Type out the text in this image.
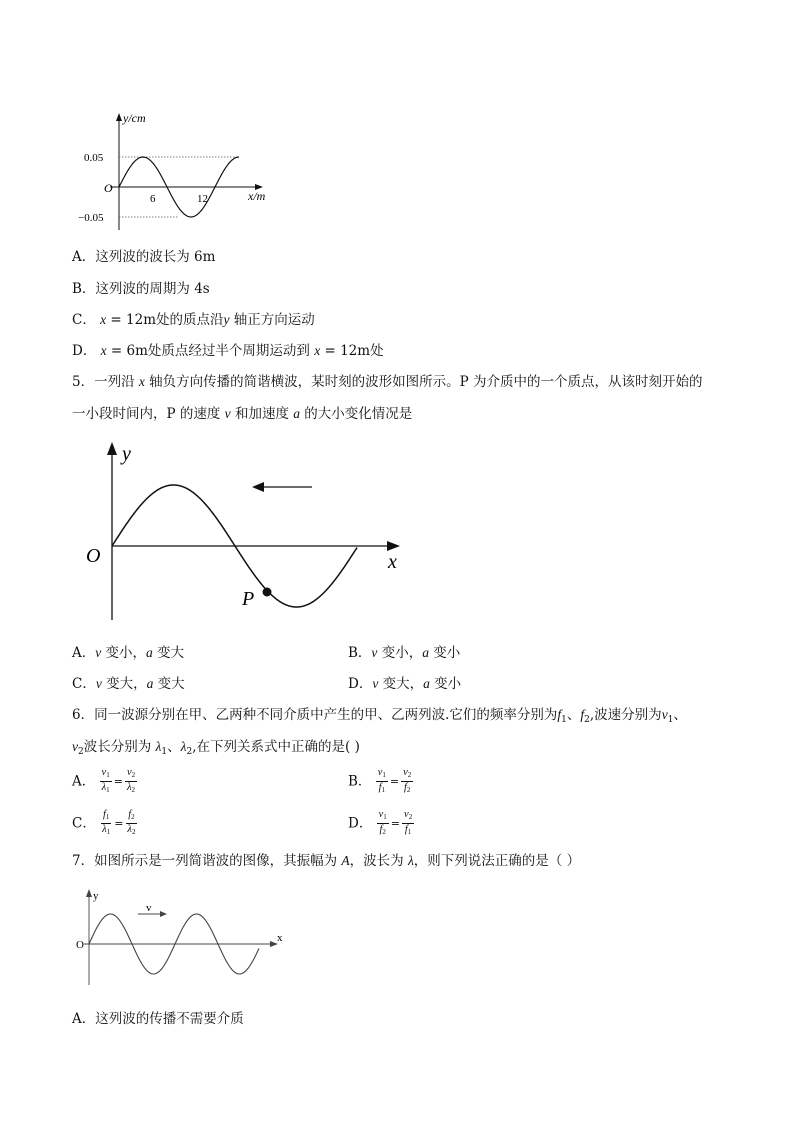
y/cm
x/m
O
0.05
−0.05
6	12
A．这列波的波长为 6m
B．这列波的周期为 4s
C． x = 12m处的质点沿y 轴正方向运动
D． x = 6m处质点经过半个周期运动到 x = 12m处
5．一列沿 x 轴负方向传播的简谐横波，某时刻的波形如图所示。P 为介质中的一个质点，从该时刻开始的
一小段时间内，P 的速度 v 和加速度 a 的大小变化情况是
y
x
O
P
A．v 变小，a 变大	B．v 变小，a 变小
C．v 变大，a 变大	D．v 变大，a 变小
6．同一波源分别在甲、乙两种不同介质中产生的甲、乙两列波.它们的频率分别为$f_1$、$f_2$,波速分别为$v_1$、
$v_2$波长分别为 $\lambda_1$、$\lambda_2$,在下列关系式中正确的是( )
A． $\frac{v1}{\lambda 1} = \frac{v2}{\lambda 2}$	B． $\frac{v1}{f1} = \frac{v2}{f2}$
C． $\frac{f1}{\lambda 1} = \frac{f2}{\lambda 2}$	D． $\frac{v1}{f2} = \frac{v2}{f1}$
7．如图所示是一列简谐波的图像，其振幅为 A，波长为 λ，则下列说法正确的是（ ）
v
y
x
O
A．这列波的传播不需要介质
